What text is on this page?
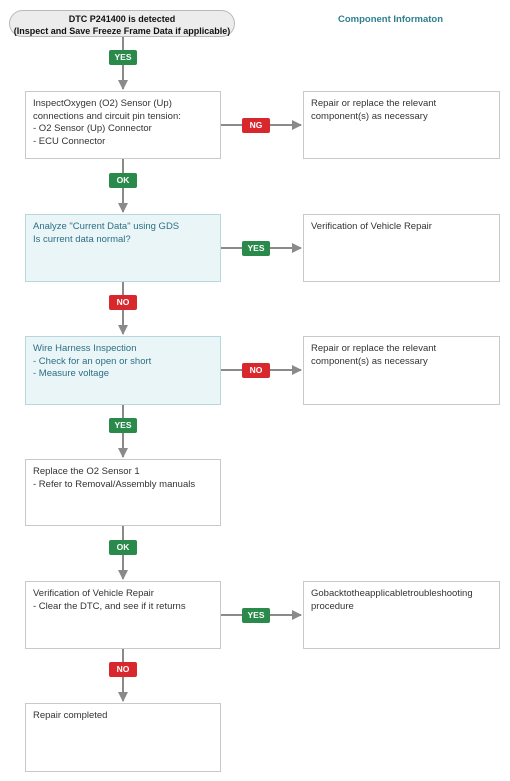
Component Informaton
DTC P241400 is detected
(Inspect and Save Freeze Frame Data if applicable)
InspectOxygen (O2) Sensor (Up)
connections and circuit pin tension:
- O2 Sensor (Up) Connector
- ECU Connector
Analyze "Current Data" using GDS
Is current data normal?
Wire Harness Inspection
- Check for an open or short
- Measure voltage
Replace the O2 Sensor 1
- Refer to Removal/Assembly manuals
Verification of Vehicle Repair
- Clear the DTC, and see if it returns
Repair completed
Repair or replace the relevant
component(s) as necessary
Verification of Vehicle Repair
Repair or replace the relevant
component(s) as necessary
Gobacktotheapplicabletroubleshooting
procedure
YES
OK
NO
YES
OK
NO
NG
YES
NO
YES
